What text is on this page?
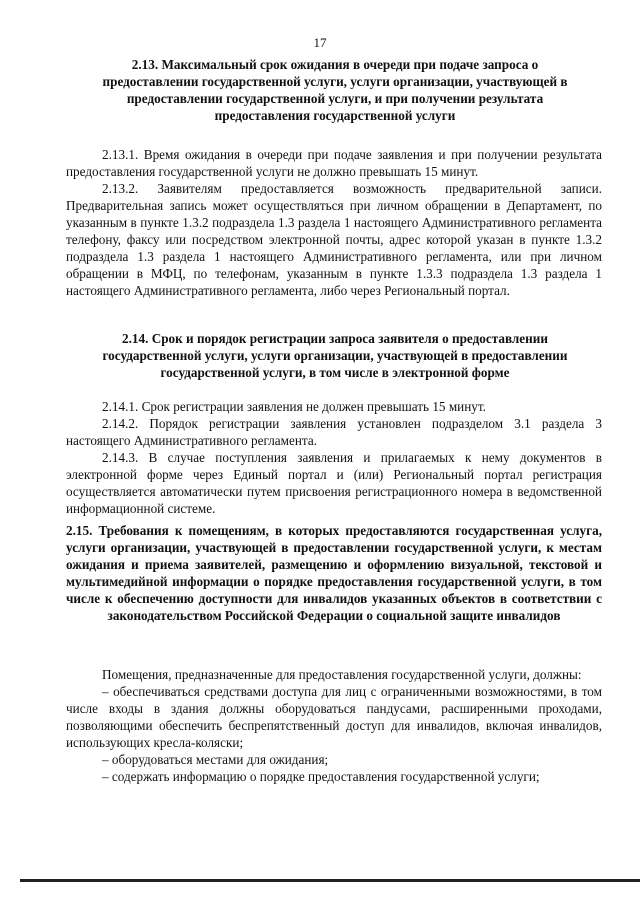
17
2.13. Максимальный срок ожидания в очереди при подаче запроса о предоставлении государственной услуги, услуги организации, участвующей в предоставлении государственной услуги, и при получении результата предоставления государственной услуги

2.13.1. Время ожидания в очереди при подаче заявления и при получении результата предоставления государственной услуги не должно превышать 15 минут.

2.13.2. Заявителям предоставляется возможность предварительной записи. Предварительная запись может осуществляться при личном обращении в Департамент, по указанным в пункте 1.3.2 подраздела 1.3 раздела 1 настоящего Административного регламента телефону, факсу или посредством электронной почты, адрес которой указан в пункте 1.3.2 подраздела 1.3 раздела 1 настоящего Административного регламента, или при личном обращении в МФЦ, по телефонам, указанным в пункте 1.3.3 подраздела 1.3 раздела 1 настоящего Административного регламента, либо через Региональный портал.

2.14. Срок и порядок регистрации запроса заявителя о предоставлении государственной услуги, услуги организации, участвующей в предоставлении государственной услуги, в том числе в электронной форме

2.14.1. Срок регистрации заявления не должен превышать 15 минут.

2.14.2. Порядок регистрации заявления установлен подразделом 3.1 раздела 3 настоящего Административного регламента.

2.14.3. В случае поступления заявления и прилагаемых к нему документов в электронной форме через Единый портал и (или) Региональный портал регистрация осуществляется автоматически путем присвоения регистрационного номера в ведомственной информационной системе.

2.15. Требования к помещениям, в которых предоставляются государственная услуга, услуги организации, участвующей в предоставлении государственной услуги, к местам ожидания и приема заявителей, размещению и оформлению визуальной, текстовой и мультимедийной информации о порядке предоставления государственной услуги, в том числе к обеспечению доступности для инвалидов указанных объектов в соответствии с законодательством Российской Федерации о социальной защите инвалидов

Помещения, предназначенные для предоставления государственной услуги, должны:

– обеспечиваться средствами доступа для лиц с ограниченными возможностями, в том числе входы в здания должны оборудоваться пандусами, расширенными проходами, позволяющими обеспечить беспрепятственный доступ для инвалидов, включая инвалидов, использующих кресла-коляски;

– оборудоваться местами для ожидания;

– содержать информацию о порядке предоставления государственной услуги;
